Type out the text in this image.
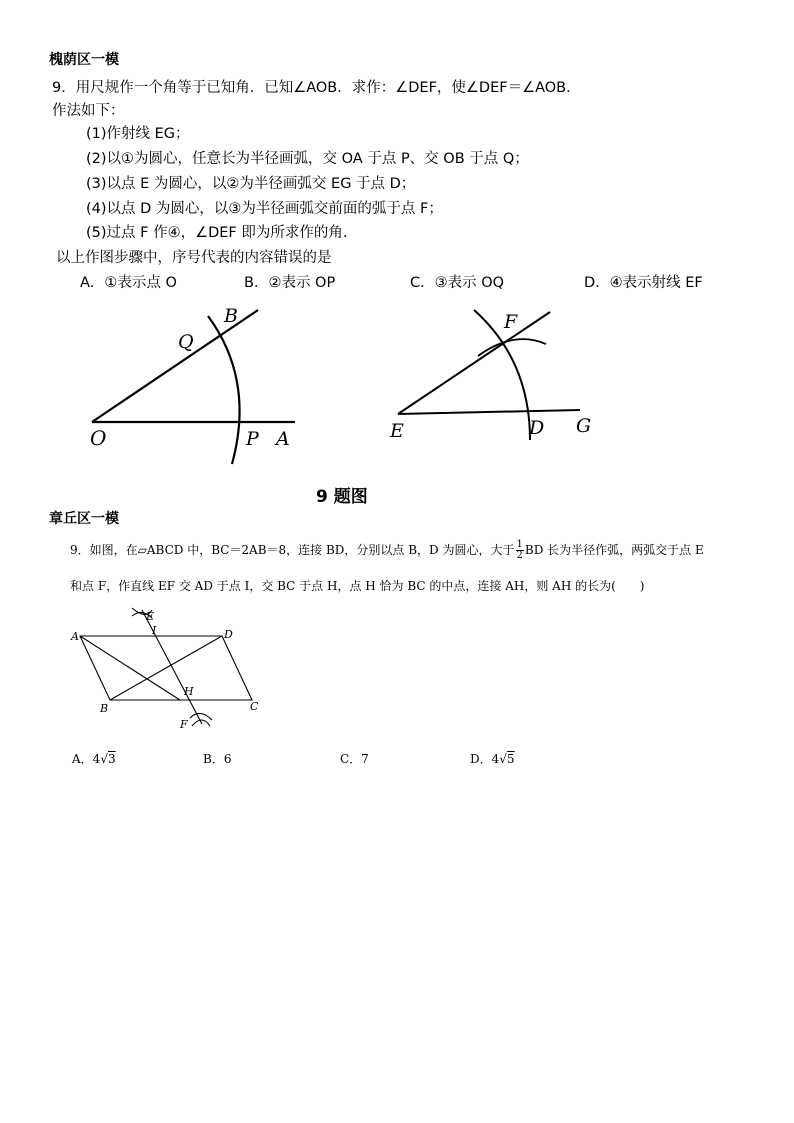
槐荫区一模
9．用尺规作一个角等于已知角．已知∠AOB．求作：∠DEF，使∠DEF＝∠AOB．
作法如下：
(1)作射线 EG；
(2)以①为圆心，任意长为半径画弧，交 OA 于点 P、交 OB 于点 Q；
(3)以点 E 为圆心，以②为半径画弧交 EG 于点 D；
(4)以点 D 为圆心，以③为半径画弧交前面的弧于点 F；
(5)过点 F 作④，∠DEF 即为所求作的角.
以上作图步骤中，序号代表的内容错误的是
A．①表示点 O	B．②表示 OP	C．③表示 OQ	D．④表示射线 EF
O	P A
Q
B
E	D G
F
9 题图
章丘区一模
9．如图，在▱ABCD 中，BC＝2AB＝8，连接 BD，分别以点 B，D 为圆心，大于 $\frac{1}{2}$ BD 长为半径作弧，两弧交于点 E
和点 F，作直线 EF 交 AD 于点 I，交 BC 于点 H，点 H 恰为 BC 的中点，连接 AH，则 AH 的长为(　　)
A	D
B	C
E
F
I
H
A．4√3	B．6	C．7	D．4√5
